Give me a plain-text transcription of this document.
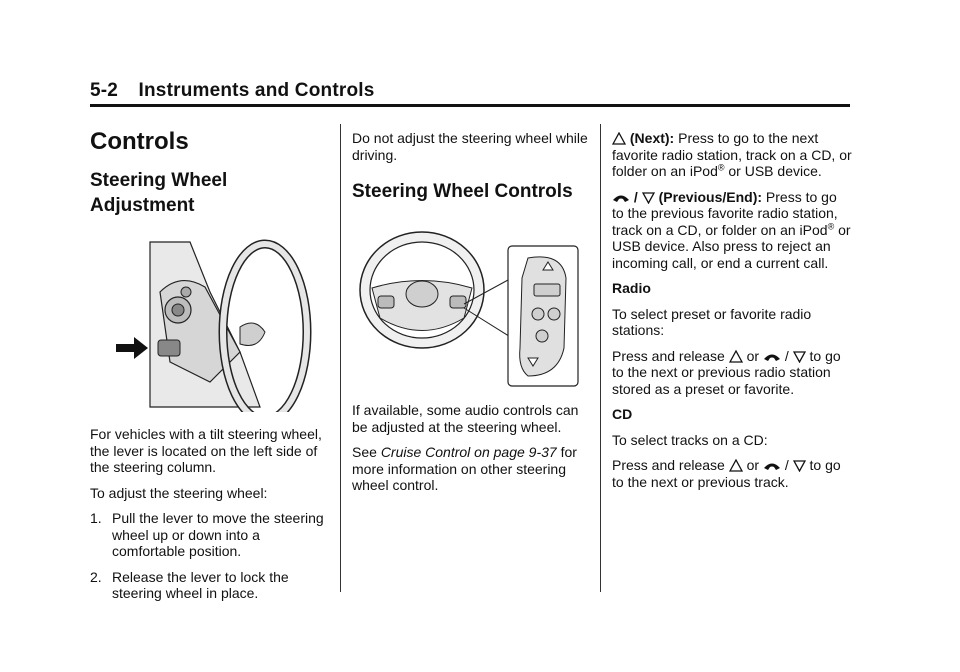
5-2 Instruments and Controls
Controls
Steering Wheel Adjustment

For vehicles with a tilt steering wheel, the lever is located on the left side of the steering column.

To adjust the steering wheel:

1. Pull the lever to move the steering wheel up or down into a comfortable position.
2. Release the lever to lock the steering wheel in place.

Do not adjust the steering wheel while driving.

Steering Wheel Controls

If available, some audio controls can be adjusted at the steering wheel.

See Cruise Control on page 9-37 for more information on other steering wheel control.

(Next): Press to go to the next favorite radio station, track on a CD, or folder on an iPod® or USB device.

/ (Previous/End): Press to go to the previous favorite radio station, track on a CD, or folder on an iPod® or USB device. Also press to reject an incoming call, or end a current call.

Radio

To select preset or favorite radio stations:

Press and release or / to go to the next or previous radio station stored as a preset or favorite.

CD

To select tracks on a CD:

Press and release or / to go to the next or previous track.
